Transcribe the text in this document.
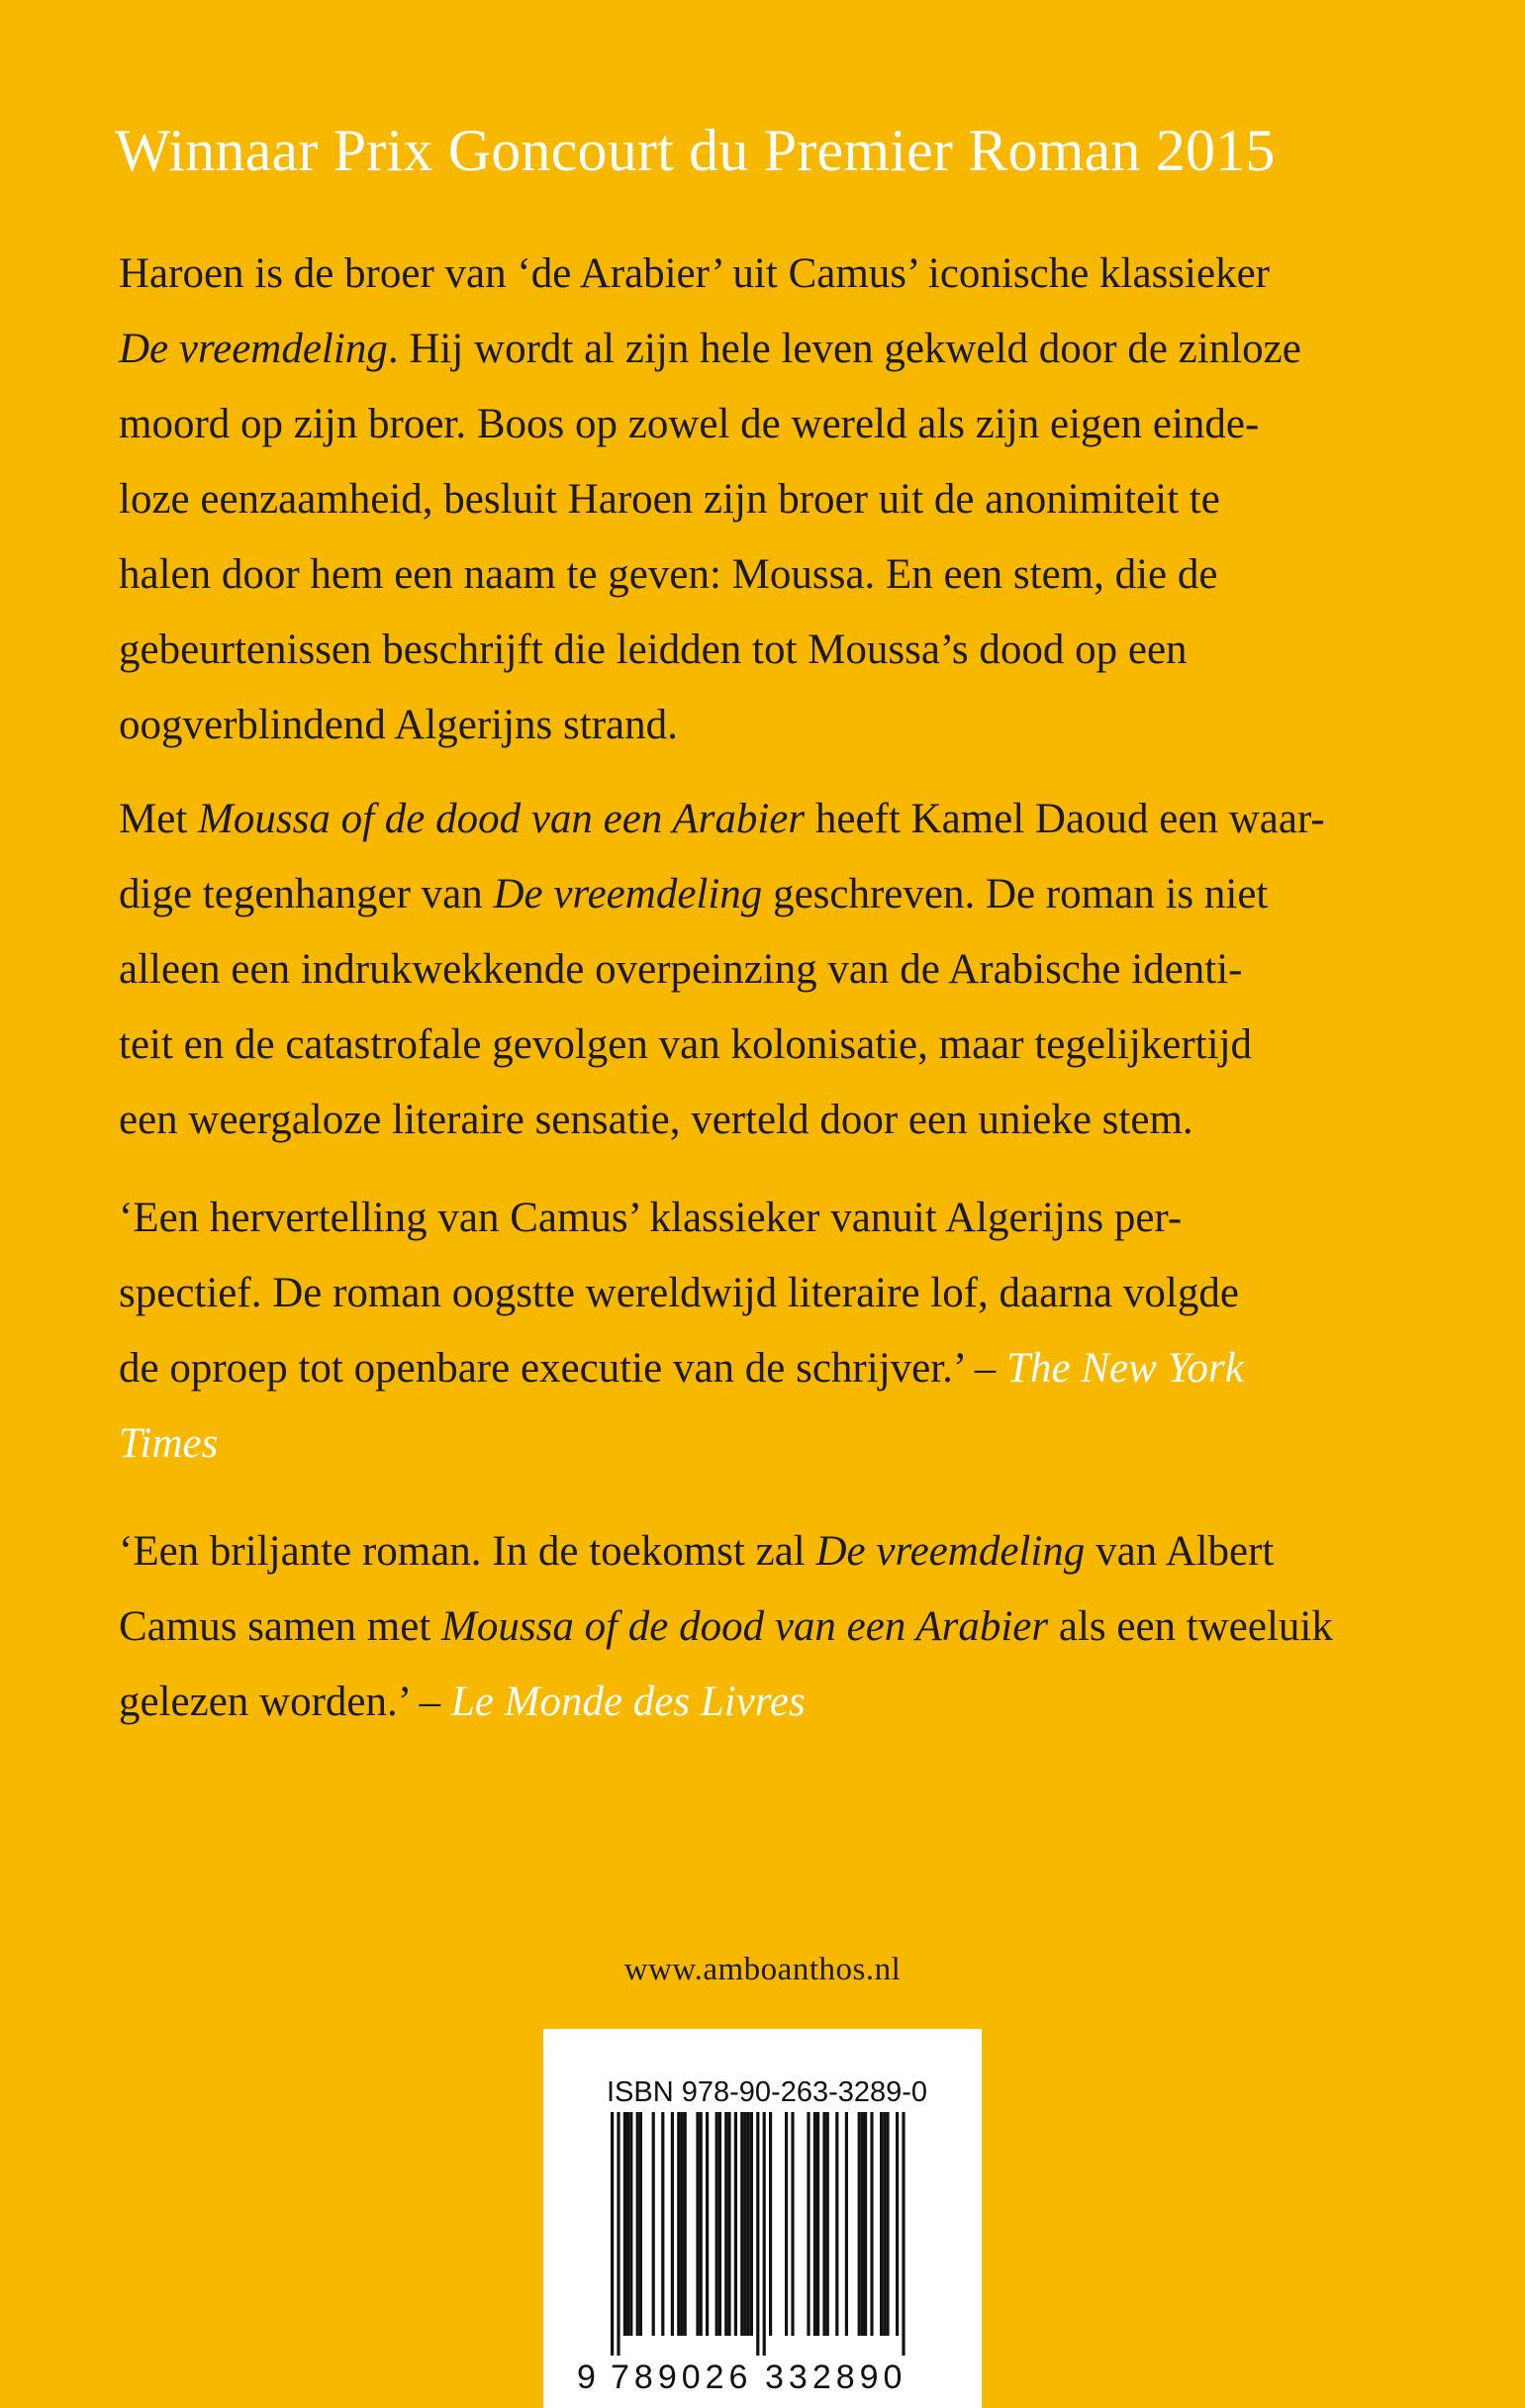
Winnaar Prix Goncourt du Premier Roman 2015

Haroen is de broer van ‘de Arabier’ uit Camus’ iconische klassieker
De vreemdeling. Hij wordt al zijn hele leven gekweld door de zinloze
moord op zijn broer. Boos op zowel de wereld als zijn eigen einde-
loze eenzaamheid, besluit Haroen zijn broer uit de anonimiteit te
halen door hem een naam te geven: Moussa. En een stem, die de
gebeurtenissen beschrijft die leidden tot Moussa’s dood op een
oogverblindend Algerijns strand.

Met Moussa of de dood van een Arabier heeft Kamel Daoud een waar-
dige tegenhanger van De vreemdeling geschreven. De roman is niet
alleen een indrukwekkende overpeinzing van de Arabische identi-
teit en de catastrofale gevolgen van kolonisatie, maar tegelijkertijd
een weergaloze literaire sensatie, verteld door een unieke stem.

‘Een hervertelling van Camus’ klassieker vanuit Algerijns per-
spectief. De roman oogstte wereldwijd literaire lof, daarna volgde
de oproep tot openbare executie van de schrijver.’ – The New York
Times

‘Een briljante roman. In de toekomst zal De vreemdeling van Albert
Camus samen met Moussa of de dood van een Arabier als een tweeluik
gelezen worden.’ – Le Monde des Livres

www.amboanthos.nl

ISBN 978-90-263-3289-0
9 789026 332890
